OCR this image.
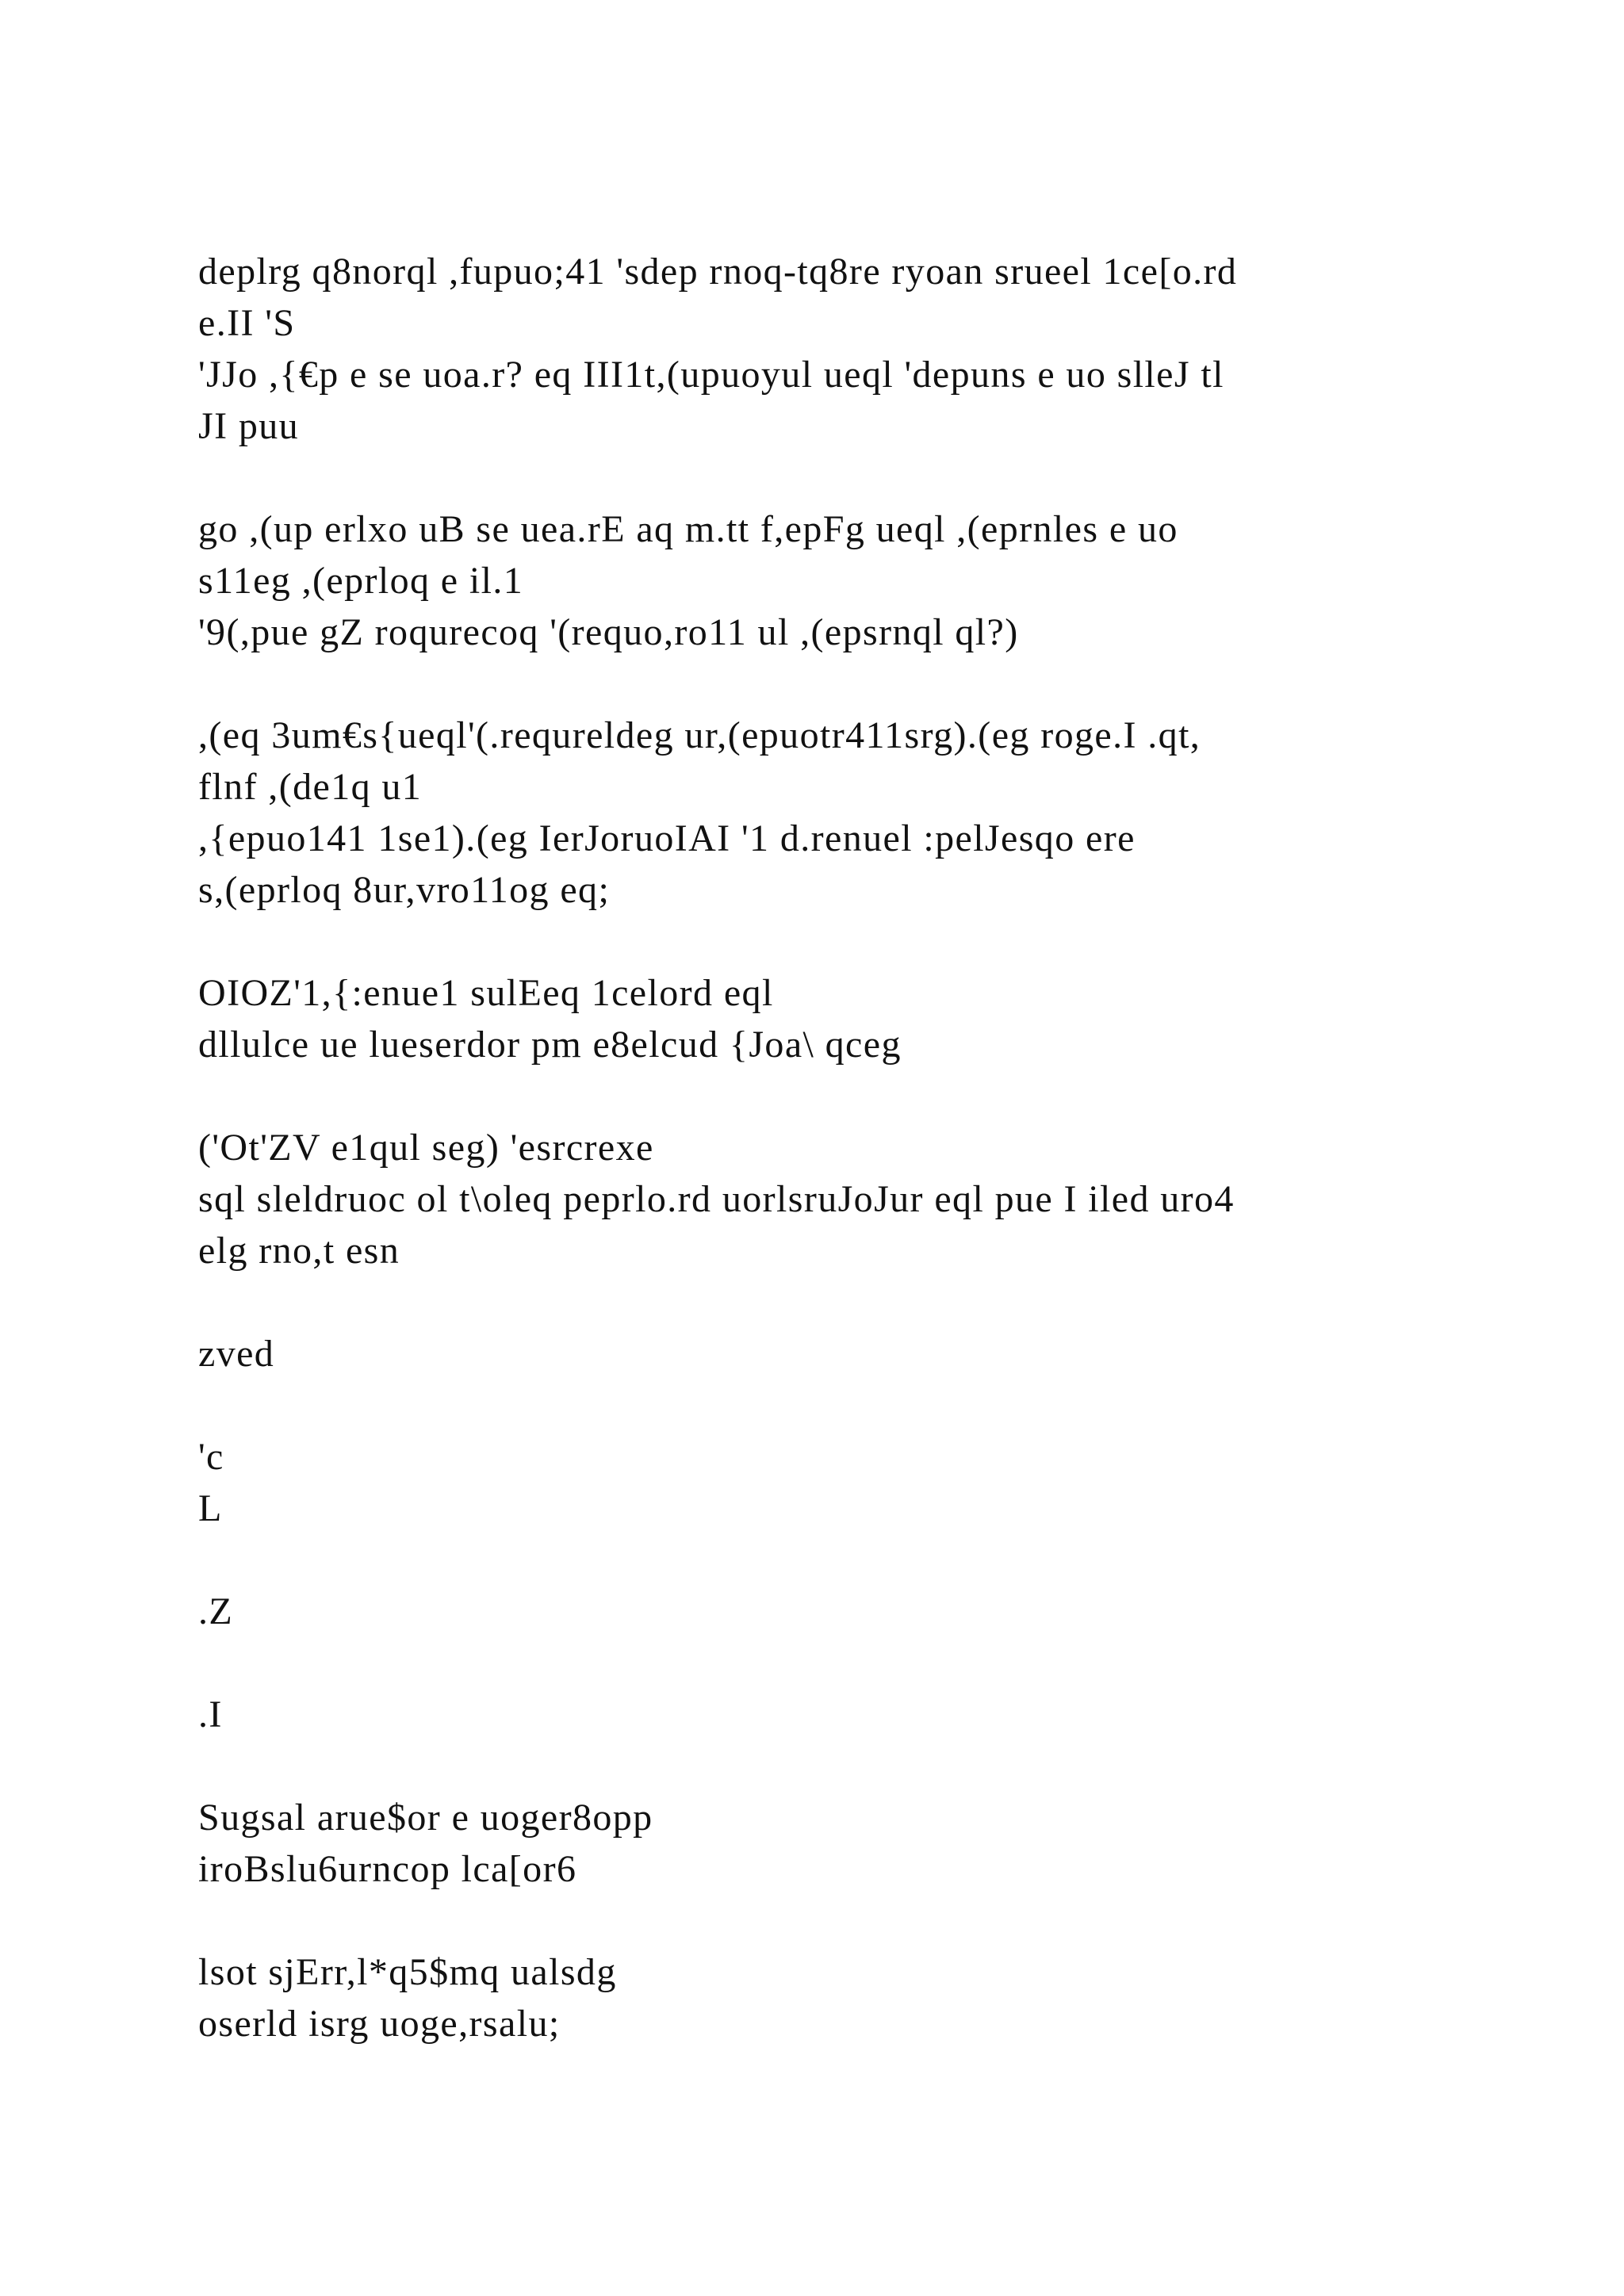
deplrg q8norql ,fupuo;41 'sdep rnoq-tq8re ryoan srueel 1ce[o.rd
e.II 'S
'JJo ,{€p e se uoa.r? eq III1t,(upuoyul ueql 'depuns e uo slleJ tl
JI puu

go ,(up erlxo uB se uea.rE aq m.tt f,epFg ueql ,(eprnles e uo
s11eg ,(eprloq e il.1
'9(,pue gZ roqurecoq '(requo,ro11 ul ,(epsrnql ql?)

,(eq 3um€s{ueql'(.requreldeg ur,(epuotr411srg).(eg roge.I .qt,
flnf ,(de1q u1
,{epuo141 1se1).(eg IerJoruoIAI '1 d.renuel :pelJesqo ere
s,(eprloq 8ur,vro11og eq;

OIOZ'1,{:enue1 sulEeq 1celord eql
dllulce ue lueserdor pm e8elcud {Joa\ qceg

('Ot'ZV e1qul seg) 'esrcrexe
sql sleldruoc ol t\oleq peprlo.rd uorlsruJoJur eql pue I iled uro4
elg rno,t esn

zved

'c
L

.Z

.I

Sugsal arue$or e uoger8opp
iroBslu6urncop lca[or6

lsot sjErr,l*q5$mq ualsdg
oserld isrg uoge,rsalu;
